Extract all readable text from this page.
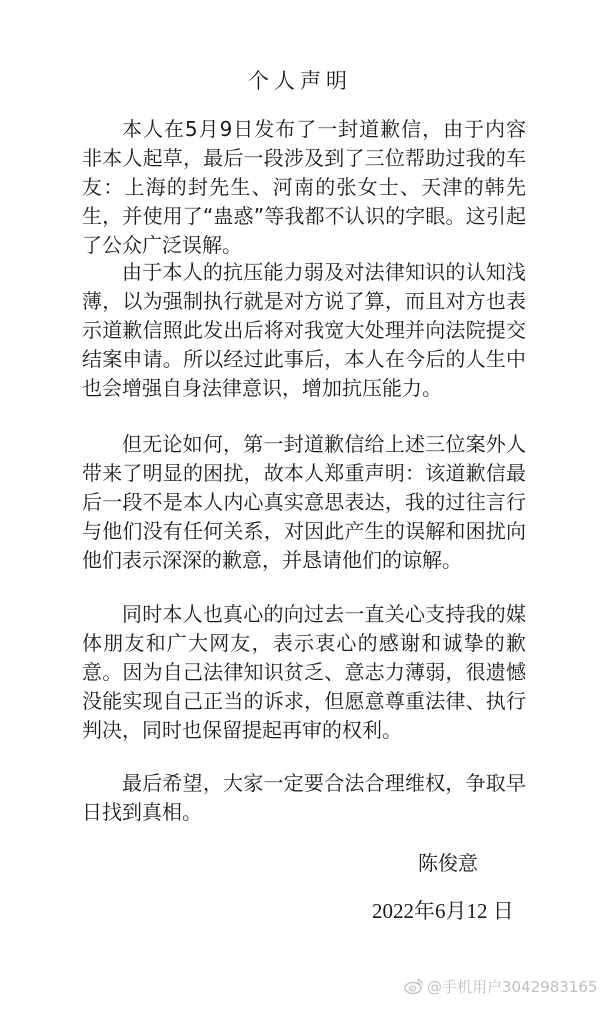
个人声明

本人在5月9日发布了一封道歉信，由于内容非本人起草，最后一段涉及到了三位帮助过我的车友：上海的封先生、河南的张女士、天津的韩先生，并使用了“蛊惑”等我都不认识的字眼。这引起了公众广泛误解。

由于本人的抗压能力弱及对法律知识的认知浅薄，以为强制执行就是对方说了算，而且对方也表示道歉信照此发出后将对我宽大处理并向法院提交结案申请。所以经过此事后，本人在今后的人生中也会增强自身法律意识，增加抗压能力。

但无论如何，第一封道歉信给上述三位案外人带来了明显的困扰，故本人郑重声明：该道歉信最后一段不是本人内心真实意思表达，我的过往言行与他们没有任何关系，对因此产生的误解和困扰向他们表示深深的歉意，并恳请他们的谅解。

同时本人也真心的向过去一直关心支持我的媒体朋友和广大网友，表示衷心的感谢和诚挚的歉意。因为自己法律知识贫乏、意志力薄弱，很遗憾没能实现自己正当的诉求，但愿意尊重法律、执行判决，同时也保留提起再审的权利。

最后希望，大家一定要合法合理维权，争取早日找到真相。

陈俊意

2022年6月12 日

@手机用户3042983165
